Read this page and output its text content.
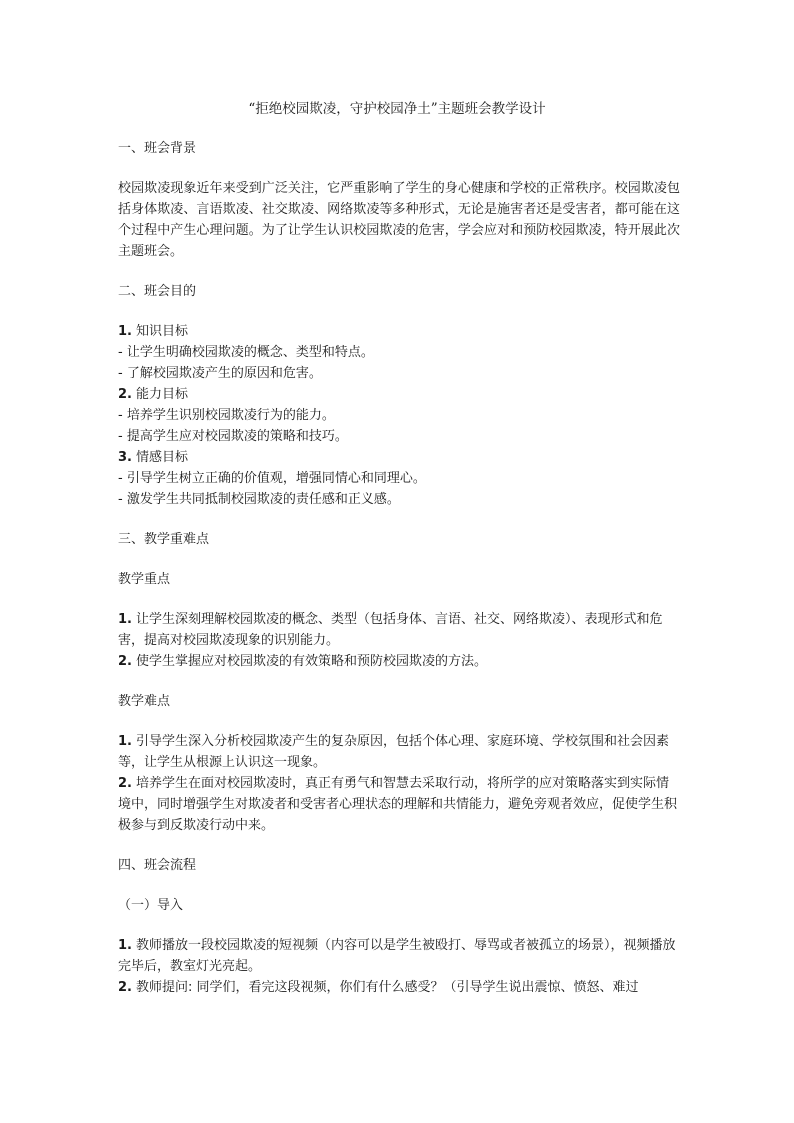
“拒绝校园欺凌，守护校园净土”主题班会教学设计

一、班会背景

校园欺凌现象近年来受到广泛关注，它严重影响了学生的身心健康和学校的正常秩序。校园欺凌包括身体欺凌、言语欺凌、社交欺凌、网络欺凌等多种形式，无论是施害者还是受害者，都可能在这个过程中产生心理问题。为了让学生认识校园欺凌的危害，学会应对和预防校园欺凌，特开展此次主题班会。

二、班会目的

1. 知识目标
- 让学生明确校园欺凌的概念、类型和特点。
- 了解校园欺凌产生的原因和危害。
2. 能力目标
- 培养学生识别校园欺凌行为的能力。
- 提高学生应对校园欺凌的策略和技巧。
3. 情感目标
- 引导学生树立正确的价值观，增强同情心和同理心。
- 激发学生共同抵制校园欺凌的责任感和正义感。

三、教学重难点

教学重点

1. 让学生深刻理解校园欺凌的概念、类型（包括身体、言语、社交、网络欺凌）、表现形式和危害，提高对校园欺凌现象的识别能力。
2. 使学生掌握应对校园欺凌的有效策略和预防校园欺凌的方法。

教学难点

1. 引导学生深入分析校园欺凌产生的复杂原因，包括个体心理、家庭环境、学校氛围和社会因素等，让学生从根源上认识这一现象。
2. 培养学生在面对校园欺凌时，真正有勇气和智慧去采取行动，将所学的应对策略落实到实际情境中，同时增强学生对欺凌者和受害者心理状态的理解和共情能力，避免旁观者效应，促使学生积极参与到反欺凌行动中来。

四、班会流程

（一）导入

1. 教师播放一段校园欺凌的短视频（内容可以是学生被殴打、辱骂或者被孤立的场景），视频播放完毕后，教室灯光亮起。
2. 教师提问: 同学们，看完这段视频，你们有什么感受？（引导学生说出震惊、愤怒、难过
